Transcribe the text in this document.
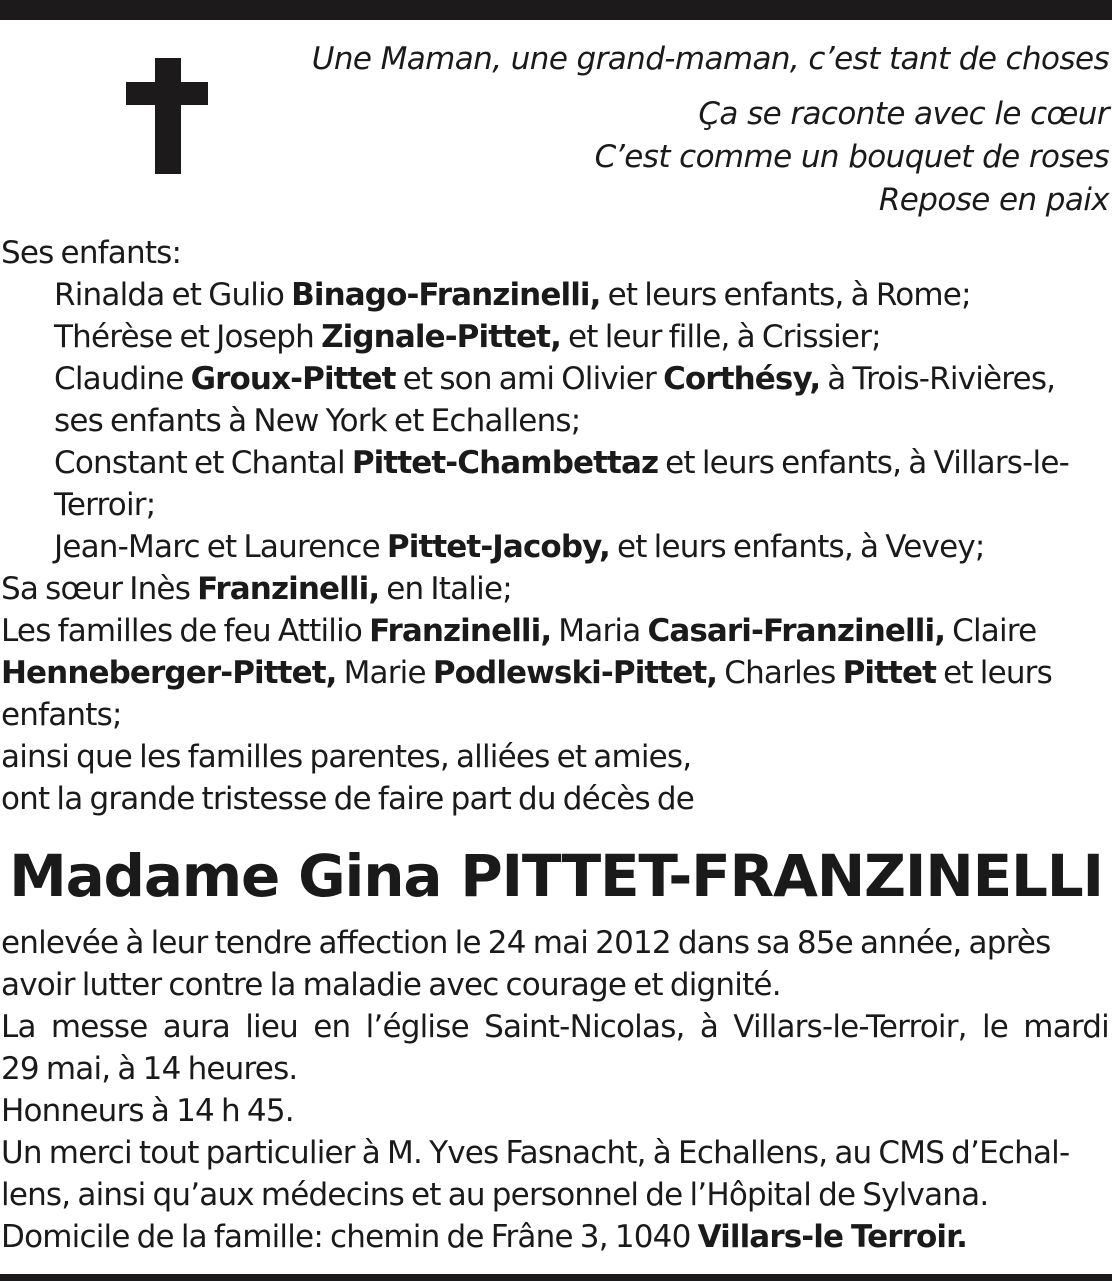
Une Maman, une grand-maman, c’est tant de choses
Ça se raconte avec le cœur
C’est comme un bouquet de roses
Repose en paix
Ses enfants:
Rinalda et Gulio Binago-Franzinelli, et leurs enfants, à Rome;
Thérèse et Joseph Zignale-Pittet, et leur fille, à Crissier;
Claudine Groux-Pittet et son ami Olivier Corthésy, à Trois-Rivières,
ses enfants à New York et Echallens;
Constant et Chantal Pittet-Chambettaz et leurs enfants, à Villars-le-
Terroir;
Jean-Marc et Laurence Pittet-Jacoby, et leurs enfants, à Vevey;
Sa sœur Inès Franzinelli, en Italie;
Les familles de feu Attilio Franzinelli, Maria Casari-Franzinelli, Claire
Henneberger-Pittet, Marie Podlewski-Pittet, Charles Pittet et leurs
enfants;
ainsi que les familles parentes, alliées et amies,
ont la grande tristesse de faire part du décès de
Madame Gina PITTET-FRANZINELLI
enlevée à leur tendre affection le 24 mai 2012 dans sa 85e année, après
avoir lutter contre la maladie avec courage et dignité.
La messe aura lieu en l’église Saint-Nicolas, à Villars-le-Terroir, le mardi
29 mai, à 14 heures.
Honneurs à 14 h 45.
Un merci tout particulier à M. Yves Fasnacht, à Echallens, au CMS d’Echal-
lens, ainsi qu’aux médecins et au personnel de l’Hôpital de Sylvana.
Domicile de la famille: chemin de Frâne 3, 1040 Villars-le Terroir.
